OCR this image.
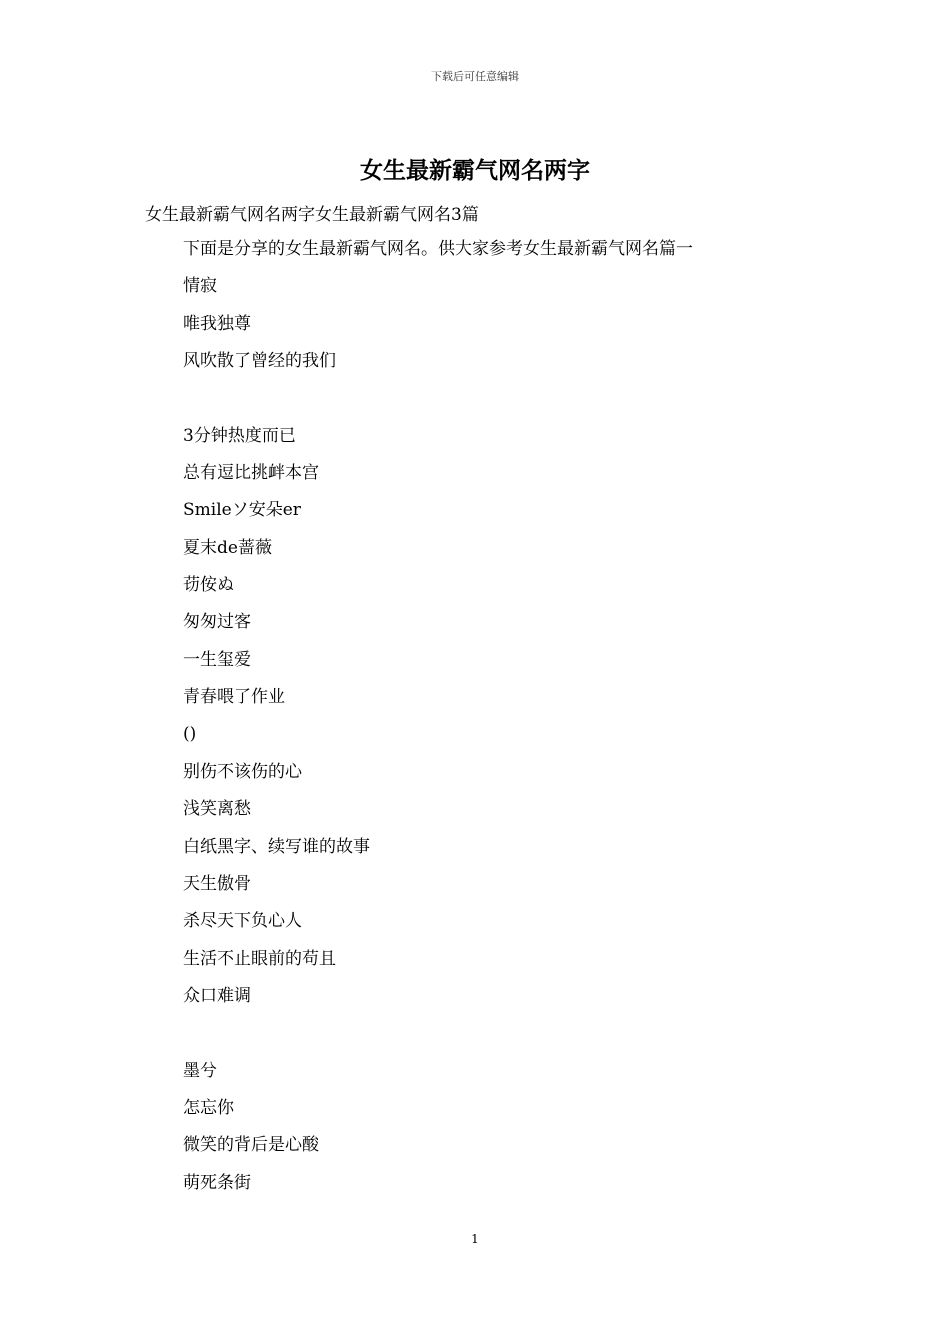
下载后可任意编辑
女生最新霸气网名两字
女生最新霸气网名两字女生最新霸气网名3篇
下面是分享的女生最新霸气网名。供大家参考女生最新霸气网名篇一
情寂
唯我独尊
风吹散了曾经的我们
3分钟热度而已
总有逗比挑衅本宫
Smileソ安朵er
夏末de蔷薇
苆侒ぬ
匆匆过客
一生玺爱
青春喂了作业
()
别伤不该伤的心
浅笑离愁
白纸黑字、续写谁的故事
天生傲骨
杀尽天下负心人
生活不止眼前的苟且
众口难调
墨兮
怎忘你
微笑的背后是心酸
萌死条街
1
